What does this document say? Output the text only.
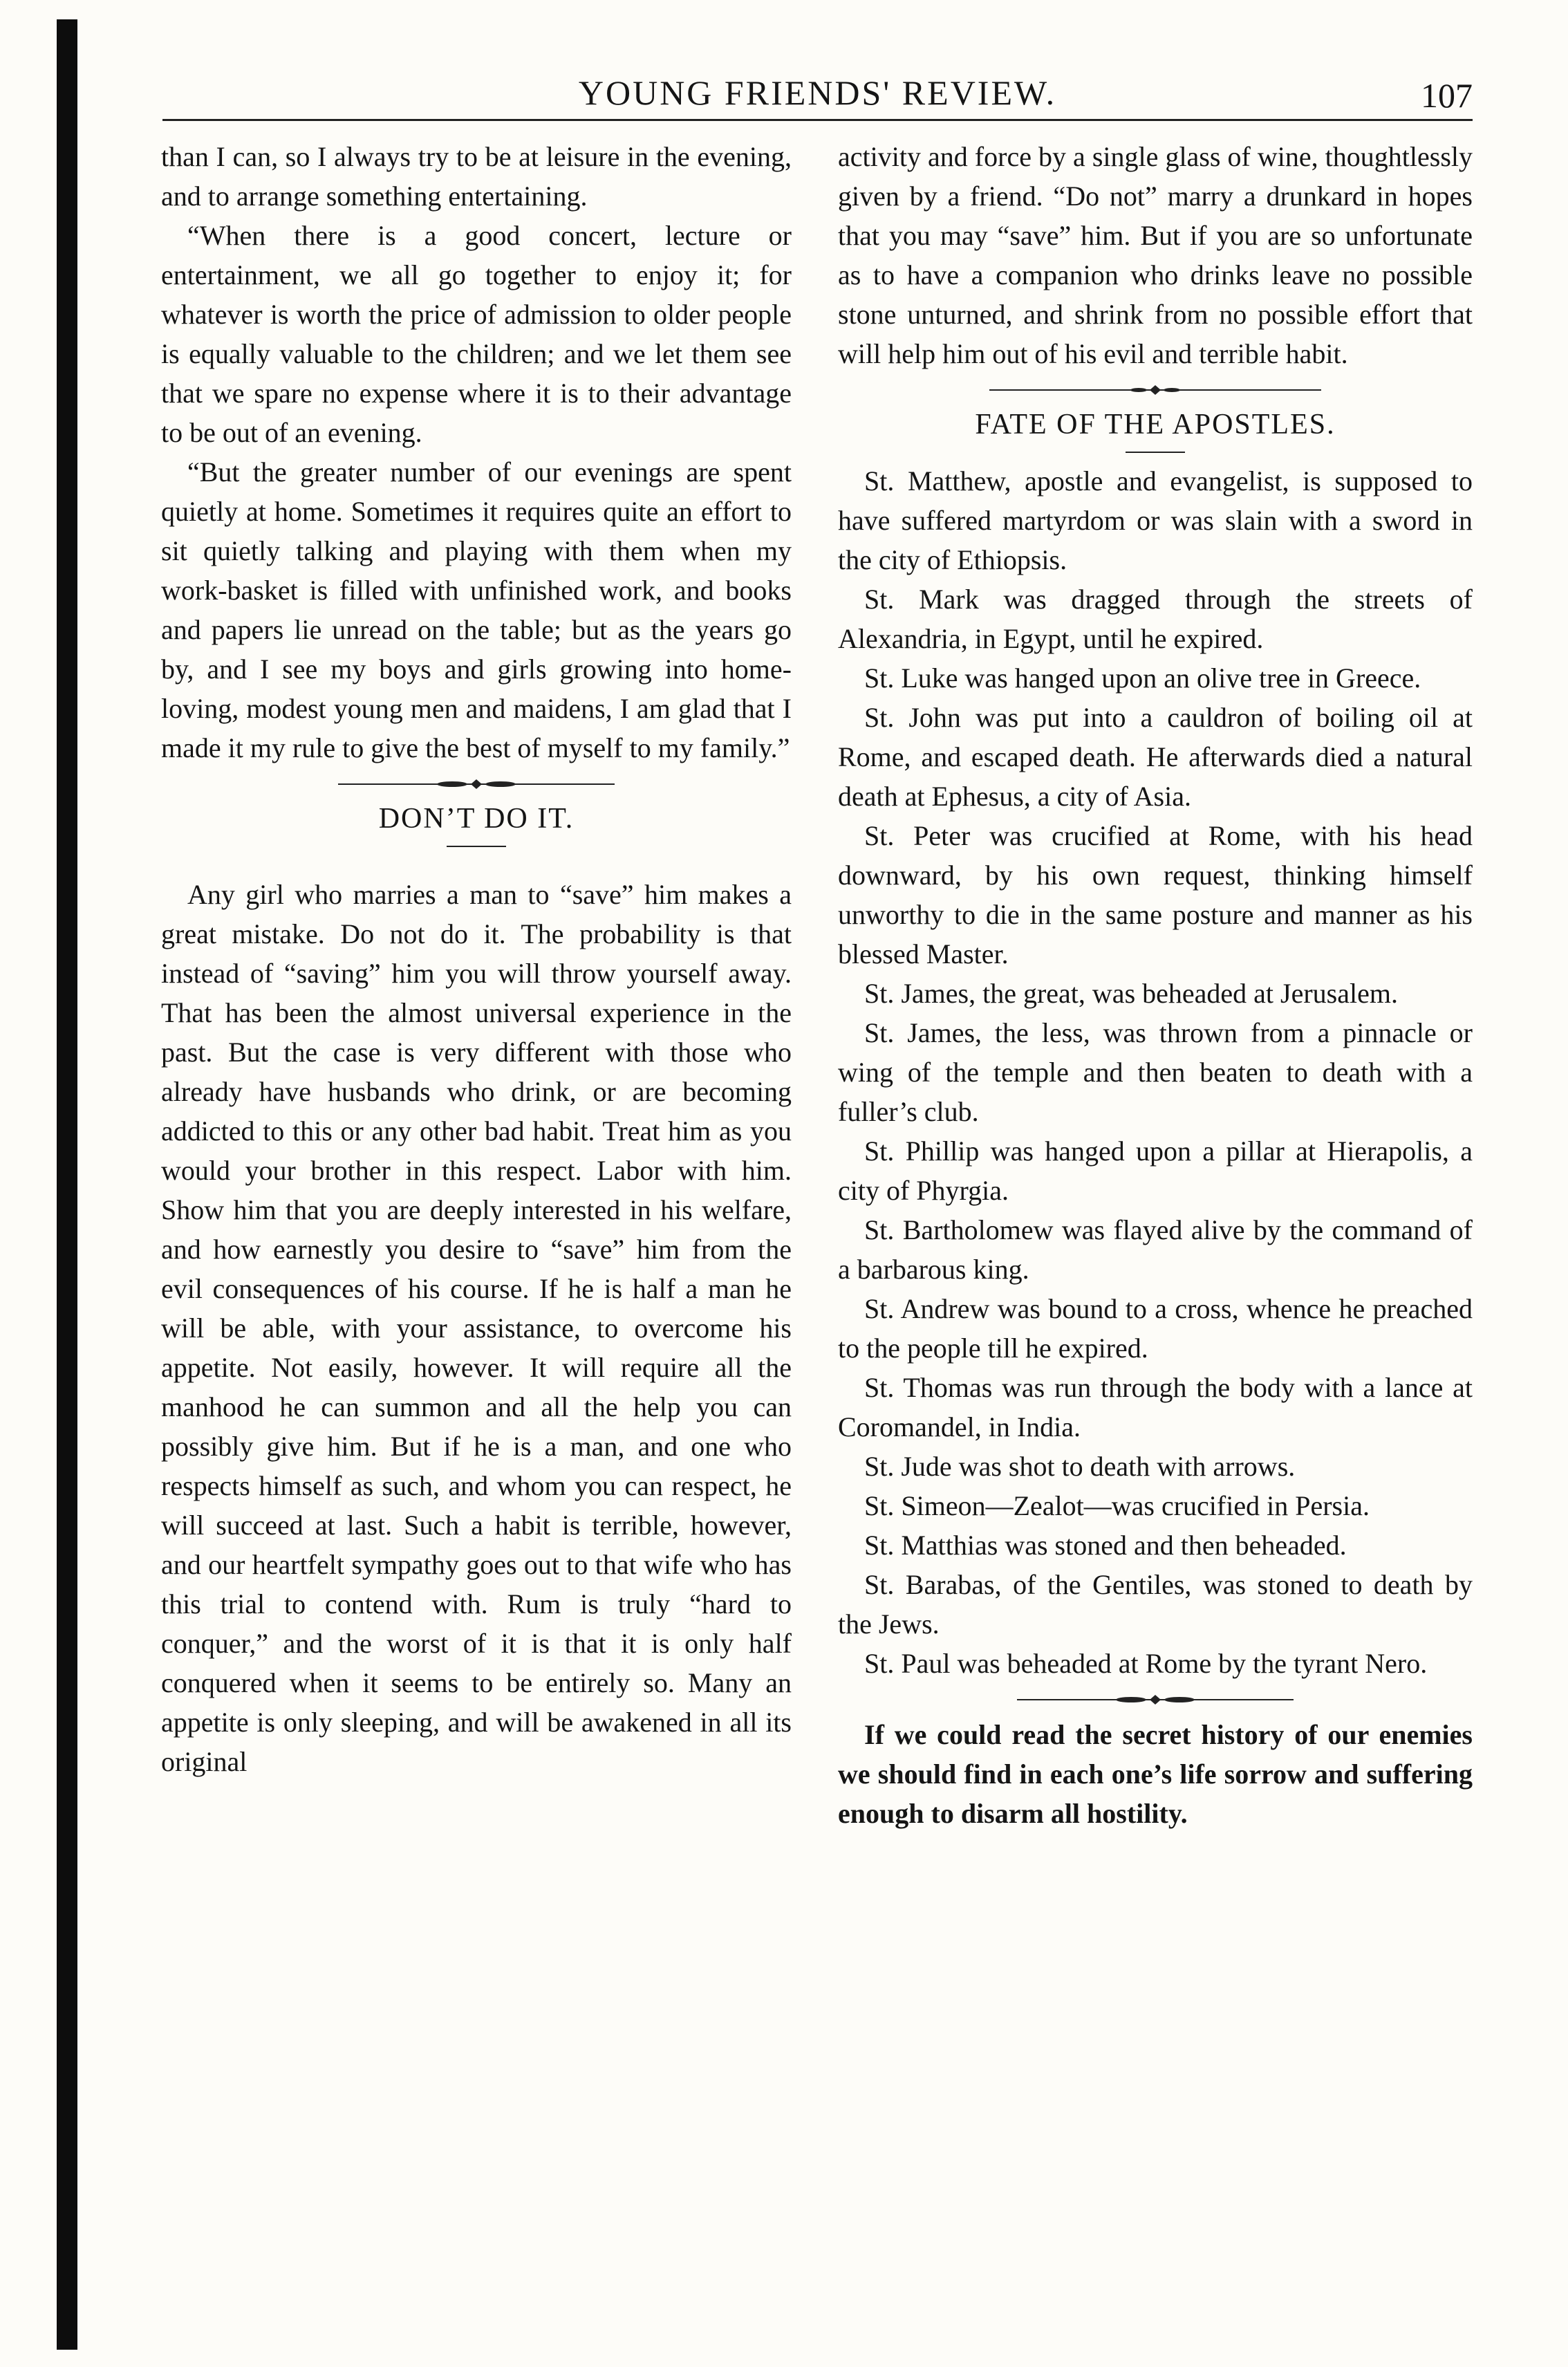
YOUNG FRIENDS' REVIEW.	107

than I can, so I always try to be at leisure in the evening, and to arrange something entertaining.

“When there is a good concert, lecture or entertainment, we all go together to enjoy it; for whatever is worth the price of admission to older people is equally valuable to the children; and we let them see that we spare no expense where it is to their advantage to be out of an evening.

“But the greater number of our evenings are spent quietly at home. Sometimes it requires quite an effort to sit quietly talking and playing with them when my work-basket is filled with unfinished work, and books and papers lie unread on the table; but as the years go by, and I see my boys and girls growing into home-loving, modest young men and maidens, I am glad that I made it my rule to give the best of myself to my family.”

DON’T DO IT.

Any girl who marries a man to “save” him makes a great mistake. Do not do it. The probability is that instead of “saving” him you will throw yourself away. That has been the almost universal experience in the past. But the case is very different with those who already have husbands who drink, or are becoming addicted to this or any other bad habit. Treat him as you would your brother in this respect. Labor with him. Show him that you are deeply interested in his welfare, and how earnestly you desire to “save” him from the evil consequences of his course. If he is half a man he will be able, with your assistance, to overcome his appetite. Not easily, however. It will require all the manhood he can summon and all the help you can possibly give him. But if he is a man, and one who respects himself as such, and whom you can respect, he will succeed at last. Such a habit is terrible, however, and our heartfelt sympathy goes out to that wife who has this trial to contend with. Rum is truly “hard to conquer,” and the worst of it is that it is only half conquered when it seems to be entirely so. Many an appetite is only sleeping, and will be awakened in all its original

activity and force by a single glass of wine, thoughtlessly given by a friend. “Do not” marry a drunkard in hopes that you may “save” him. But if you are so unfortunate as to have a companion who drinks leave no possible stone unturned, and shrink from no possible effort that will help him out of his evil and terrible habit.

FATE OF THE APOSTLES.

St. Matthew, apostle and evangelist, is supposed to have suffered martyrdom or was slain with a sword in the city of Ethiopsis.

St. Mark was dragged through the streets of Alexandria, in Egypt, until he expired.

St. Luke was hanged upon an olive tree in Greece.

St. John was put into a cauldron of boiling oil at Rome, and escaped death. He afterwards died a natural death at Ephesus, a city of Asia.

St. Peter was crucified at Rome, with his head downward, by his own request, thinking himself unworthy to die in the same posture and manner as his blessed Master.

St. James, the great, was beheaded at Jerusalem.

St. James, the less, was thrown from a pinnacle or wing of the temple and then beaten to death with a fuller’s club.

St. Phillip was hanged upon a pillar at Hierapolis, a city of Phyrgia.

St. Bartholomew was flayed alive by the command of a barbarous king.

St. Andrew was bound to a cross, whence he preached to the people till he expired.

St. Thomas was run through the body with a lance at Coromandel, in India.

St. Jude was shot to death with arrows.

St. Simeon—Zealot—was crucified in Persia.

St. Matthias was stoned and then beheaded.

St. Barabas, of the Gentiles, was stoned to death by the Jews.

St. Paul was beheaded at Rome by the tyrant Nero.

If we could read the secret history of our enemies we should find in each one’s life sorrow and suffering enough to disarm all hostility.
